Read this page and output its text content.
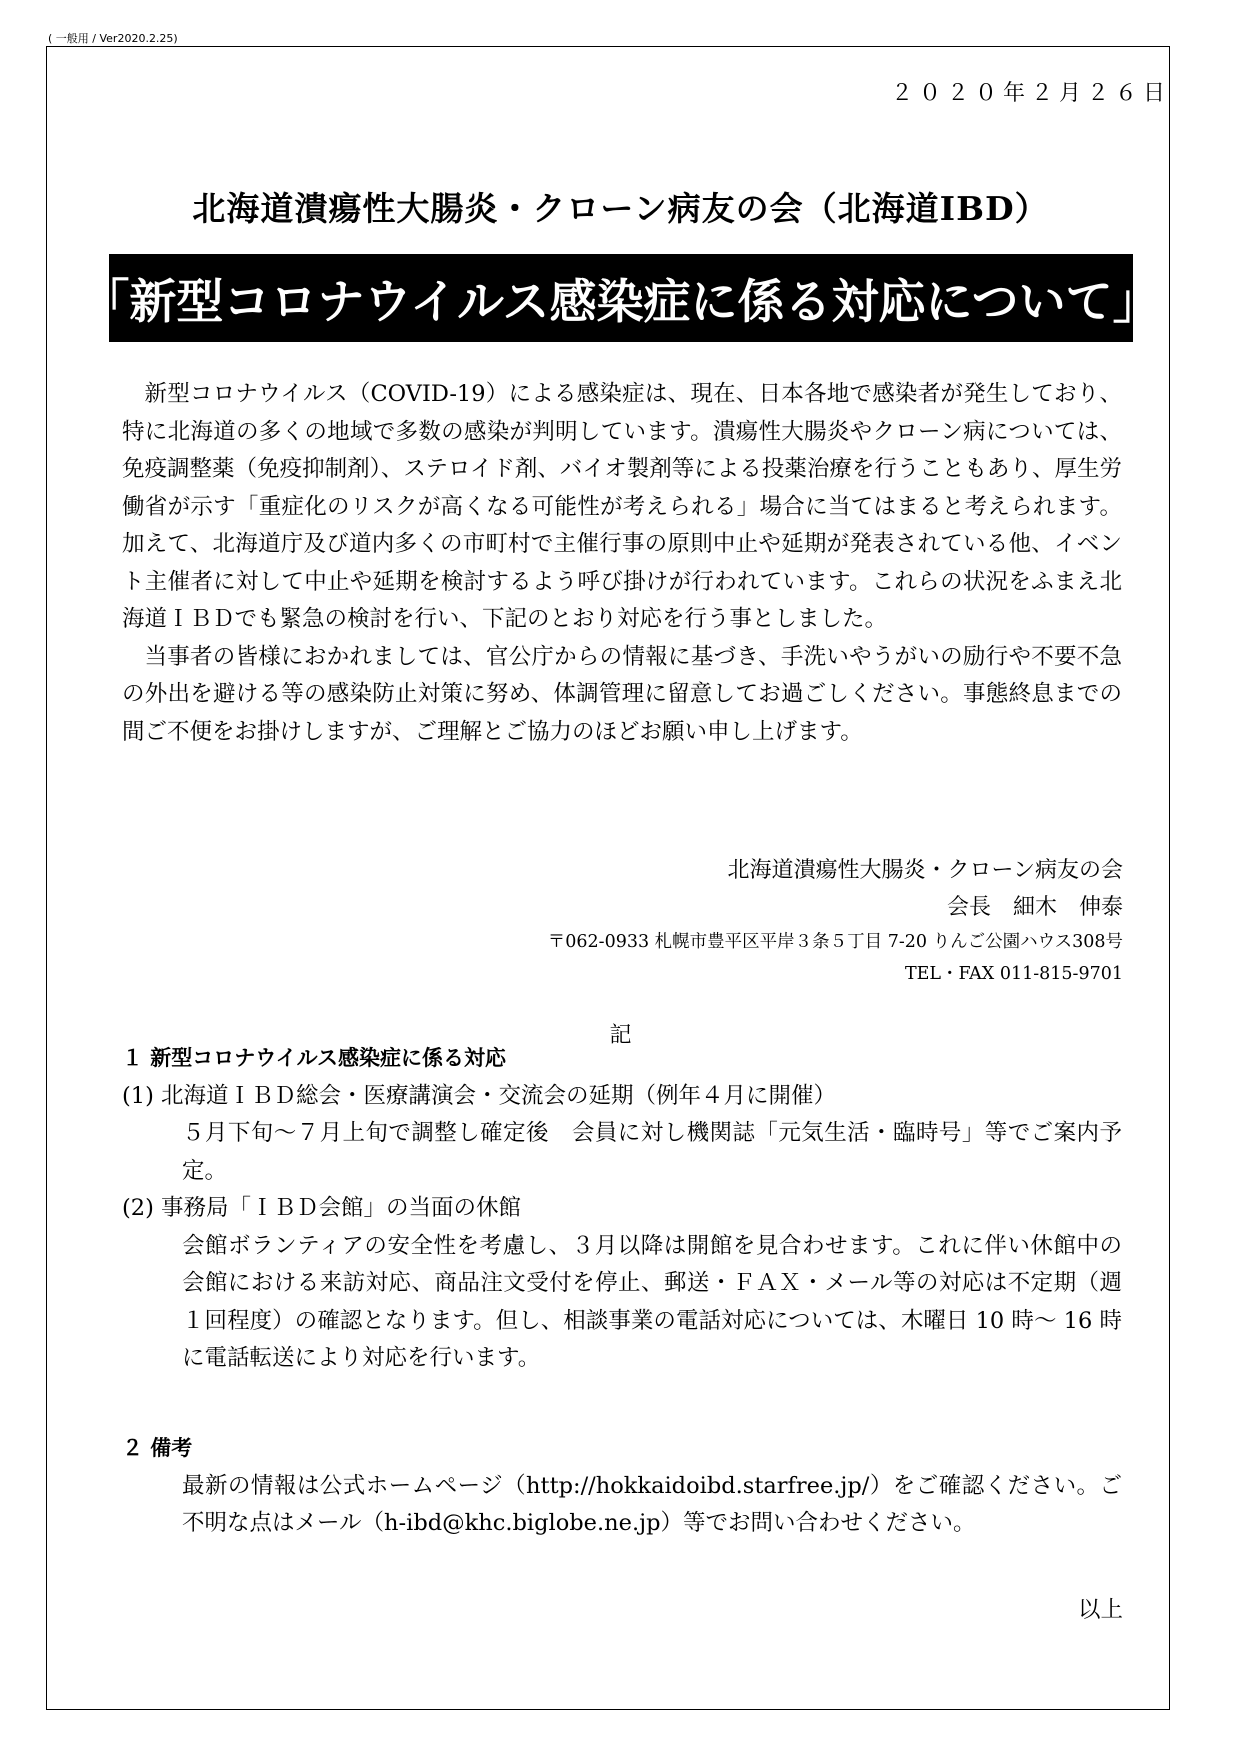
( 一般用 / Ver2020.2.25)
２０２０年２月２６日
北海道潰瘍性大腸炎・クローン病友の会（北海道IBD）
「新型コロナウイルス感染症に係る対応について」

新型コロナウイルス（COVID-19）による感染症は、現在、日本各地で感染者が発生しており、特に北海道の多くの地域で多数の感染が判明しています。潰瘍性大腸炎やクローン病については、免疫調整薬（免疫抑制剤）、ステロイド剤、バイオ製剤等による投薬治療を行うこともあり、厚生労働省が示す「重症化のリスクが高くなる可能性が考えられる」場合に当てはまると考えられます。加えて、北海道庁及び道内多くの市町村で主催行事の原則中止や延期が発表されている他、イベント主催者に対して中止や延期を検討するよう呼び掛けが行われています。これらの状況をふまえ北海道ＩＢＤでも緊急の検討を行い、下記のとおり対応を行う事としました。

当事者の皆様におかれましては、官公庁からの情報に基づき、手洗いやうがいの励行や不要不急の外出を避ける等の感染防止対策に努め、体調管理に留意してお過ごしください。事態終息までの間ご不便をお掛けしますが、ご理解とご協力のほどお願い申し上げます。

北海道潰瘍性大腸炎・クローン病友の会
会長　細木　伸泰
〒062-0933 札幌市豊平区平岸３条５丁目 7-20 りんご公園ハウス308号
TEL・FAX 011-815-9701
記
１ 新型コロナウイルス感染症に係る対応
(1) 北海道ＩＢＤ総会・医療講演会・交流会の延期（例年４月に開催）
５月下旬～７月上旬で調整し確定後　会員に対し機関誌「元気生活・臨時号」等でご案内予定。
(2) 事務局「ＩＢＤ会館」の当面の休館
会館ボランティアの安全性を考慮し、３月以降は開館を見合わせます。これに伴い休館中の会館における来訪対応、商品注文受付を停止、郵送・ＦＡＸ・メール等の対応は不定期（週１回程度）の確認となります。但し、相談事業の電話対応については、木曜日 10 時～ 16 時に電話転送により対応を行います。
２ 備考
最新の情報は公式ホームページ（http://hokkaidoibd.starfree.jp/）をご確認ください。ご不明な点はメール（h-ibd@khc.biglobe.ne.jp）等でお問い合わせください。
以上
